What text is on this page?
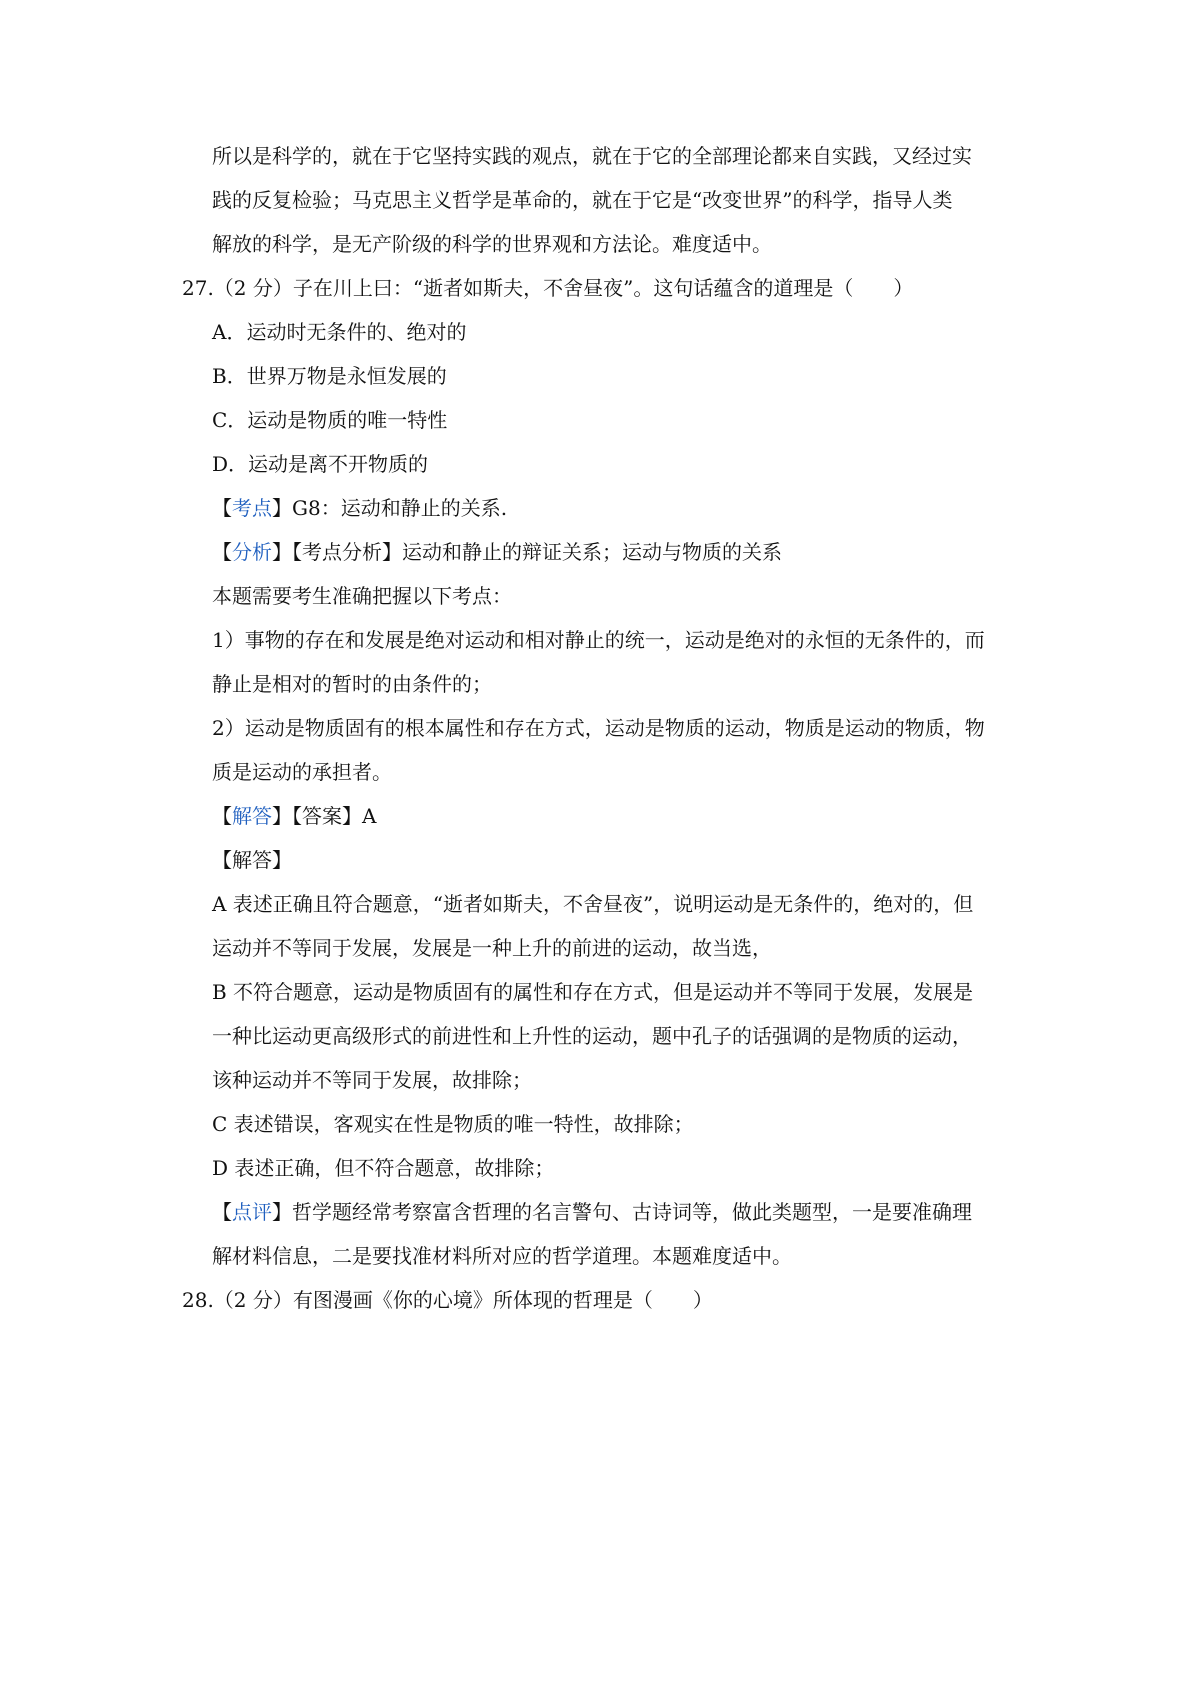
所以是科学的，就在于它坚持实践的观点，就在于它的全部理论都来自实践，又经过实
践的反复检验；马克思主义哲学是革命的，就在于它是“改变世界”的科学，指导人类
解放的科学，是无产阶级的科学的世界观和方法论。难度适中。
27.（2 分）子在川上曰：“逝者如斯夫，不舍昼夜”。这句话蕴含的道理是（　　）
A．运动时无条件的、绝对的
B．世界万物是永恒发展的
C．运动是物质的唯一特性
D．运动是离不开物质的
【考点】G8：运动和静止的关系.
【分析】【考点分析】运动和静止的辩证关系；运动与物质的关系
本题需要考生准确把握以下考点：
1）事物的存在和发展是绝对运动和相对静止的统一，运动是绝对的永恒的无条件的，而
静止是相对的暂时的由条件的；
2）运动是物质固有的根本属性和存在方式，运动是物质的运动，物质是运动的物质，物
质是运动的承担者。
【解答】【答案】A
【解答】
A 表述正确且符合题意，“逝者如斯夫，不舍昼夜”，说明运动是无条件的，绝对的，但
运动并不等同于发展，发展是一种上升的前进的运动，故当选，
B 不符合题意，运动是物质固有的属性和存在方式，但是运动并不等同于发展，发展是
一种比运动更高级形式的前进性和上升性的运动，题中孔子的话强调的是物质的运动，
该种运动并不等同于发展，故排除；
C 表述错误，客观实在性是物质的唯一特性，故排除；
D 表述正确，但不符合题意，故排除；
【点评】哲学题经常考察富含哲理的名言警句、古诗词等，做此类题型，一是要准确理
解材料信息，二是要找准材料所对应的哲学道理。本题难度适中。
28.（2 分）有图漫画《你的心境》所体现的哲理是（　　）
